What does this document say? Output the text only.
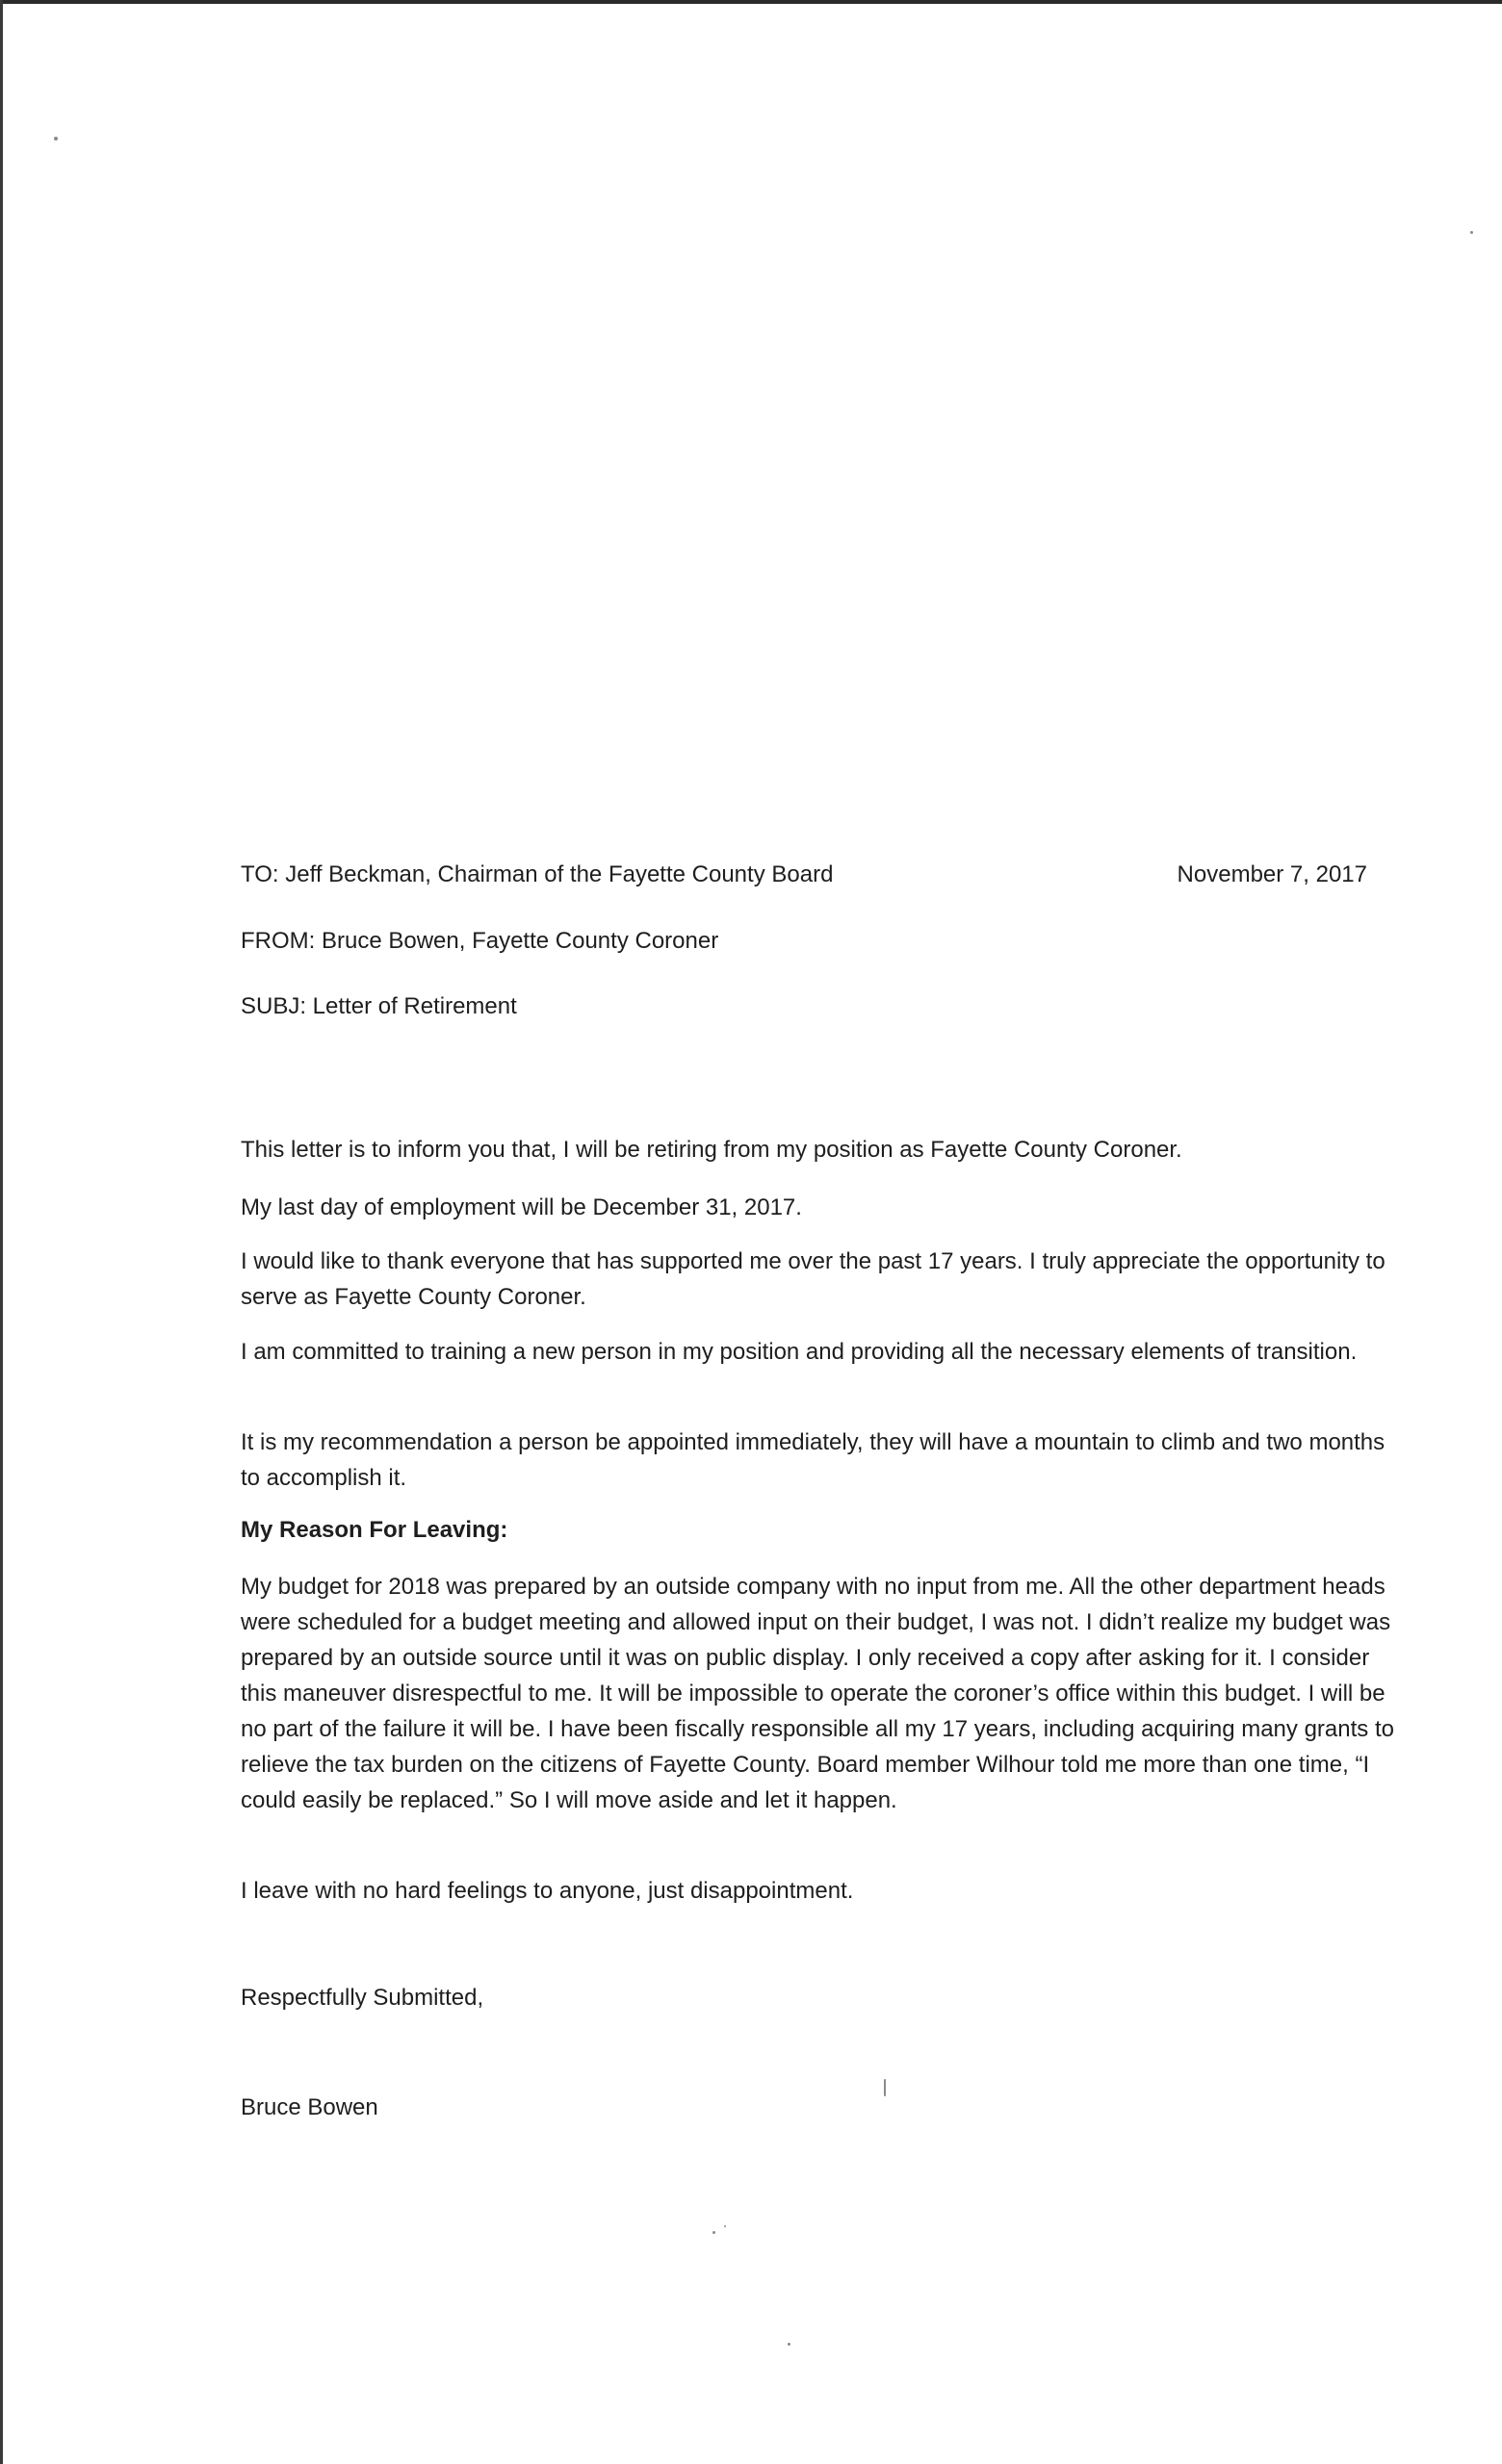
TO: Jeff Beckman, Chairman of the Fayette County Board	November 7, 2017
FROM: Bruce Bowen, Fayette County Coroner
SUBJ: Letter of Retirement
This letter is to inform you that, I will be retiring from my position as Fayette County Coroner.
My last day of employment will be December 31, 2017.
I would like to thank everyone that has supported me over the past 17 years. I truly appreciate the opportunity to serve as Fayette County Coroner.
I am committed to training a new person in my position and providing all the necessary elements of transition.
It is my recommendation a person be appointed immediately, they will have a mountain to climb and two months to accomplish it.
My Reason For Leaving:
My budget for 2018 was prepared by an outside company with no input from me. All the other department heads were scheduled for a budget meeting and allowed input on their budget, I was not. I didn’t realize my budget was prepared by an outside source until it was on public display. I only received a copy after asking for it. I consider this maneuver disrespectful to me. It will be impossible to operate the coroner’s office within this budget. I will be no part of the failure it will be. I have been fiscally responsible all my 17 years, including acquiring many grants to relieve the tax burden on the citizens of Fayette County. Board member Wilhour told me more than one time, “I could easily be replaced.” So I will move aside and let it happen.
I leave with no hard feelings to anyone, just disappointment.
Respectfully Submitted,
Bruce Bowen
